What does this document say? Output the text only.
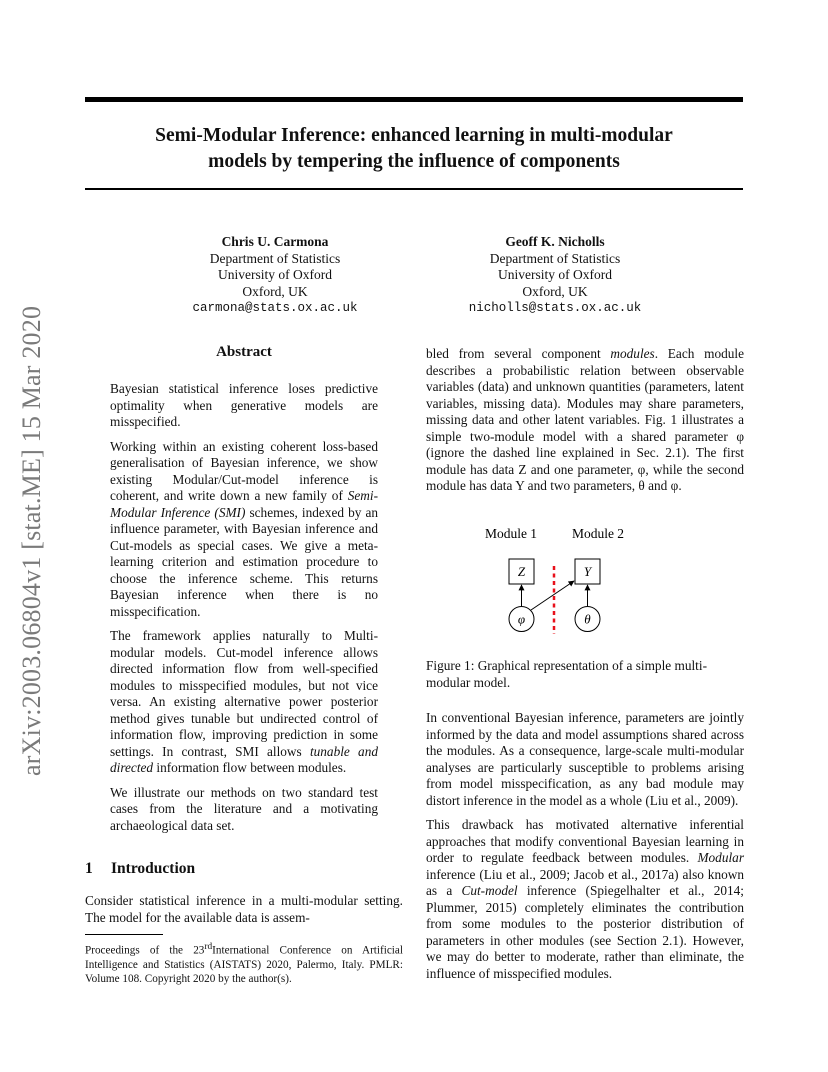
arXiv:2003.06804v1 [stat.ME] 15 Mar 2020
Semi-Modular Inference: enhanced learning in multi-modular
models by tempering the influence of components
Chris U. Carmona
Department of Statistics
University of Oxford
Oxford, UK
carmona@stats.ox.ac.uk
Geoff K. Nicholls
Department of Statistics
University of Oxford
Oxford, UK
nicholls@stats.ox.ac.uk
Abstract

Bayesian statistical inference loses predictive optimality when generative models are misspecified.

Working within an existing coherent loss-based generalisation of Bayesian inference, we show existing Modular/Cut-model inference is coherent, and write down a new family of Semi-Modular Inference (SMI) schemes, indexed by an influence parameter, with Bayesian inference and Cut-models as special cases. We give a meta-learning criterion and estimation procedure to choose the inference scheme. This returns Bayesian inference when there is no misspecification.

The framework applies naturally to Multi-modular models. Cut-model inference allows directed information flow from well-specified modules to misspecified modules, but not vice versa. An existing alternative power posterior method gives tunable but undirected control of information flow, improving prediction in some settings. In contrast, SMI allows tunable and directed information flow between modules.

We illustrate our methods on two standard test cases from the literature and a motivating archaeological data set.

1 Introduction

Consider statistical inference in a multi-modular setting. The model for the available data is assem-

Proceedings of the 23rdInternational Conference on Artificial Intelligence and Statistics (AISTATS) 2020, Palermo, Italy. PMLR: Volume 108. Copyright 2020 by the author(s).

bled from several component modules. Each module describes a probabilistic relation between observable variables (data) and unknown quantities (parameters, latent variables, missing data). Modules may share parameters, missing data and other latent variables. Fig. 1 illustrates a simple two-module model with a shared parameter φ (ignore the dashed line explained in Sec. 2.1). The first module has data Z and one parameter, φ, while the second module has data Y and two parameters, θ and φ.

Module 1	Module 2
Z	Y
φ	θ

Figure 1: Graphical representation of a simple multi-modular model.

In conventional Bayesian inference, parameters are jointly informed by the data and model assumptions shared across the modules. As a consequence, large-scale multi-modular analyses are particularly susceptible to problems arising from model misspecification, as any bad module may distort inference in the model as a whole (Liu et al., 2009).

This drawback has motivated alternative inferential approaches that modify conventional Bayesian learning in order to regulate feedback between modules. Modular inference (Liu et al., 2009; Jacob et al., 2017a) also known as a Cut-model inference (Spiegelhalter et al., 2014; Plummer, 2015) completely eliminates the contribution from some modules to the posterior distribution of parameters in other modules (see Section 2.1). However, we may do better to moderate, rather than eliminate, the influence of misspecified modules.
